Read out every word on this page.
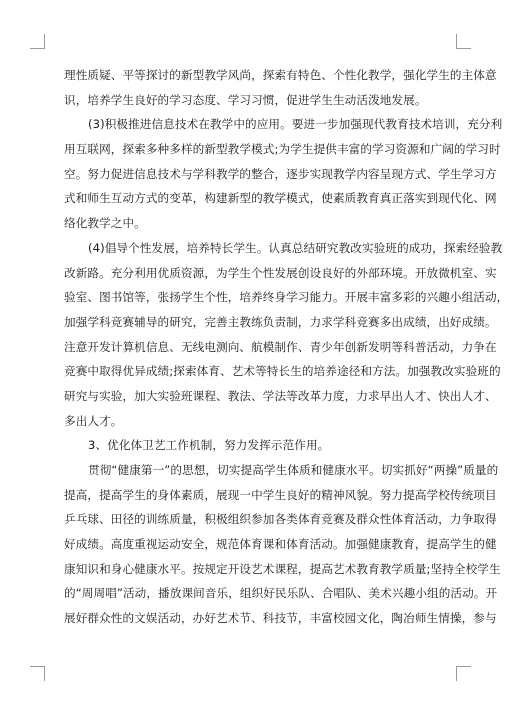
理性质疑、平等探讨的新型教学风尚，探索有特色、个性化教学，强化学生的主体意
识，培养学生良好的学习态度、学习习惯，促进学生生动活泼地发展。
(3)积极推进信息技术在教学中的应用。要进一步加强现代教育技术培训，充分利
用互联网，探索多种多样的新型教学模式;为学生提供丰富的学习资源和广阔的学习时
空。努力促进信息技术与学科教学的整合，逐步实现教学内容呈现方式、学生学习方
式和师生互动方式的变革，构建新型的教学模式，使素质教育真正落实到现代化、网
络化教学之中。
(4)倡导个性发展，培养特长学生。认真总结研究教改实验班的成功，探索经验教
改新路。充分利用优质资源，为学生个性发展创设良好的外部环境。开放微机室、实
验室、图书馆等，张扬学生个性，培养终身学习能力。开展丰富多彩的兴趣小组活动，
加强学科竞赛辅导的研究，完善主教练负责制，力求学科竞赛多出成绩，出好成绩。
注意开发计算机信息、无线电测向、航模制作、青少年创新发明等科普活动，力争在
竞赛中取得优异成绩;探索体育、艺术等特长生的培养途径和方法。加强教改实验班的
研究与实验，加大实验班课程、教法、学法等改革力度，力求早出人才、快出人才、
多出人才。
3、优化体卫艺工作机制，努力发挥示范作用。
贯彻“健康第一”的思想，切实提高学生体质和健康水平。切实抓好“两操”质量的
提高，提高学生的身体素质，展现一中学生良好的精神风貌。努力提高学校传统项目
乒乓球、田径的训练质量，积极组织参加各类体育竞赛及群众性体育活动，力争取得
好成绩。高度重视运动安全，规范体育课和体育活动。加强健康教育，提高学生的健
康知识和身心健康水平。按规定开设艺术课程，提高艺术教育教学质量;坚持全校学生
的“周周唱”活动，播放课间音乐，组织好民乐队、合唱队、美术兴趣小组的活动。开
展好群众性的文娱活动，办好艺术节、科技节，丰富校园文化，陶冶师生情操，参与
